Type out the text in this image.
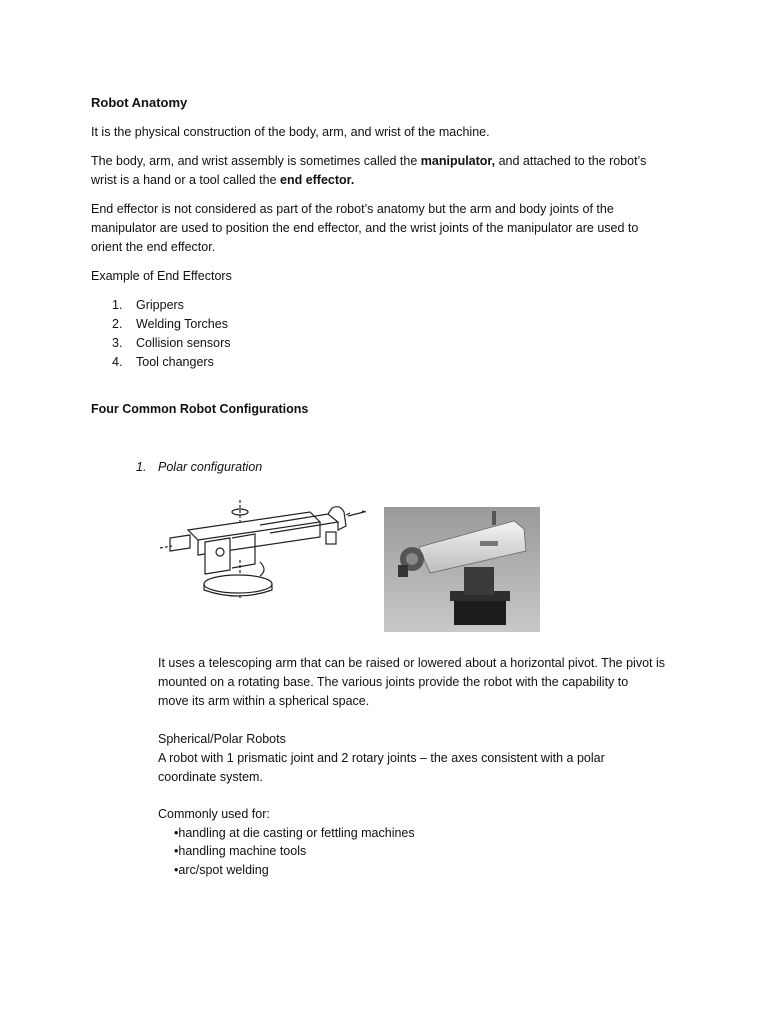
Robot Anatomy
It is the physical construction of the body, arm, and wrist of the machine.
The body, arm, and wrist assembly is sometimes called the manipulator, and attached to the robot’s
wrist is a hand or a tool called the end effector.
End effector is not considered as part of the robot’s anatomy but the arm and body joints of the
manipulator are used to position the end effector, and the wrist joints of the manipulator are used to
orient the end effector.
Example of End Effectors
1. Grippers
2. Welding Torches
3. Collision sensors
4. Tool changers
Four Common Robot Configurations
1. Polar configuration
It uses a telescoping arm that can be raised or lowered about a horizontal pivot. The pivot is
mounted on a rotating base. The various joints provide the robot with the capability to
move its arm within a spherical space.
Spherical/Polar Robots
A robot with 1 prismatic joint and 2 rotary joints – the axes consistent with a polar
coordinate system.
Commonly used for:
•handling at die casting or fettling machines
•handling machine tools
•arc/spot welding
